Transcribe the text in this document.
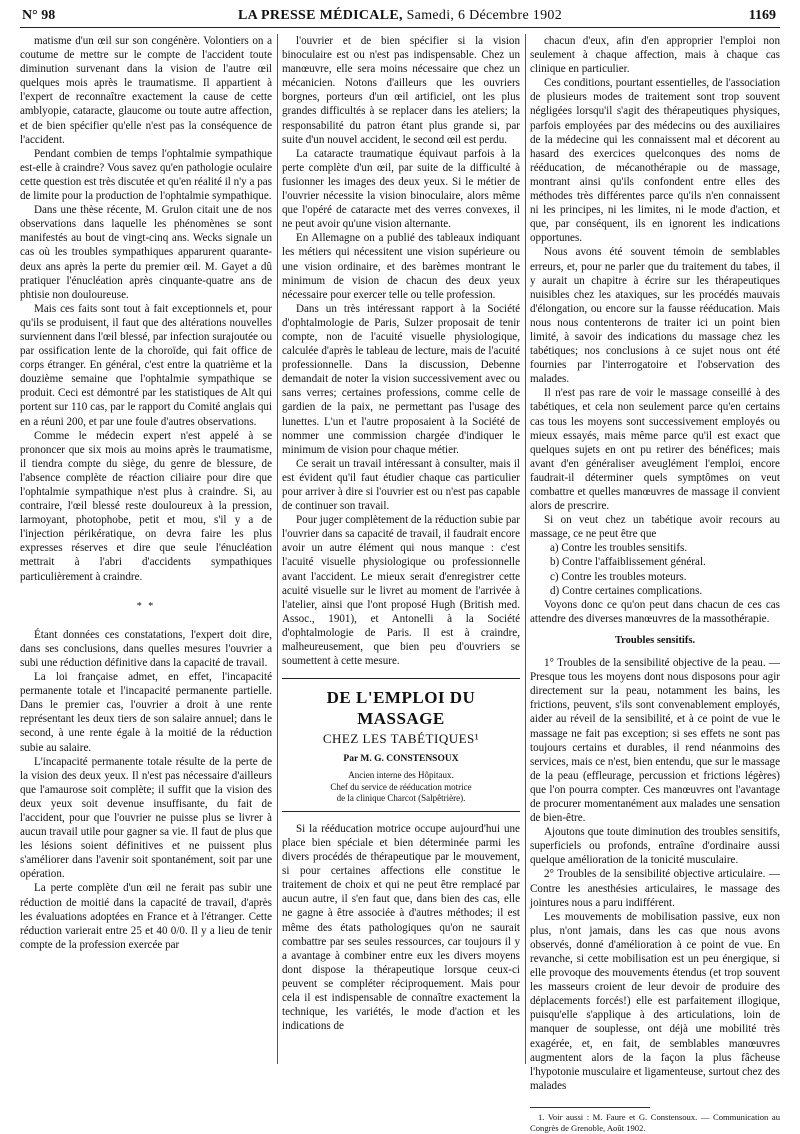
N° 98	LA PRESSE MÉDICALE, Samedi, 6 Décembre 1902	1169

matisme d'un œil sur son congénère. Volontiers on a coutume de mettre sur le compte de l'accident toute diminution survenant dans la vision de l'autre œil quelques mois après le traumatisme. Il appartient à l'expert de reconnaître exactement la cause de cette amblyopie, cataracte, glaucome ou toute autre affection, et de bien spécifier qu'elle n'est pas la conséquence de l'accident.

Pendant combien de temps l'ophtalmie sympathique est-elle à craindre? Vous savez qu'en pathologie oculaire cette question est très discutée et qu'en réalité il n'y a pas de limite pour la production de l'ophtalmie sympathique.

Dans une thèse récente, M. Grulon citait une de nos observations dans laquelle les phénomènes se sont manifestés au bout de vingt-cinq ans. Wecks signale un cas où les troubles sympathiques apparurent quarante-deux ans après la perte du premier œil. M. Gayet a dû pratiquer l'énucléation après cinquante-quatre ans de phtisie non douloureuse.

Mais ces faits sont tout à fait exceptionnels et, pour qu'ils se produisent, il faut que des altérations nouvelles surviennent dans l'œil blessé, par infection surajoutée ou par ossification lente de la choroïde, qui fait office de corps étranger. En général, c'est entre la quatrième et la douzième semaine que l'ophtalmie sympathique se produit. Ceci est démontré par les statistiques de Alt qui portent sur 110 cas, par le rapport du Comité anglais qui en a réuni 200, et par une foule d'autres observations.

Comme le médecin expert n'est appelé à se prononcer que six mois au moins après le traumatisme, il tiendra compte du siège, du genre de blessure, de l'absence complète de réaction ciliaire pour dire que l'ophtalmie sympathique n'est plus à craindre. Si, au contraire, l'œil blessé reste douloureux à la pression, larmoyant, photophobe, petit et mou, s'il y a de l'injection périkératique, on devra faire les plus expresses réserves et dire que seule l'énucléation mettrait à l'abri d'accidents sympathiques particulièrement à craindre.

* *

Étant données ces constatations, l'expert doit dire, dans ses conclusions, dans quelles mesures l'ouvrier a subi une réduction définitive dans la capacité de travail.

La loi française admet, en effet, l'incapacité permanente totale et l'incapacité permanente partielle. Dans le premier cas, l'ouvrier a droit à une rente représentant les deux tiers de son salaire annuel; dans le second, à une rente égale à la moitié de la réduction subie au salaire.

L'incapacité permanente totale résulte de la perte de la vision des deux yeux. Il n'est pas nécessaire d'ailleurs que l'amaurose soit complète; il suffit que la vision des deux yeux soit devenue insuffisante, du fait de l'accident, pour que l'ouvrier ne puisse plus se livrer à aucun travail utile pour gagner sa vie. Il faut de plus que les lésions soient définitives et ne puissent plus s'améliorer dans l'avenir soit spontanément, soit par une opération.

La perte complète d'un œil ne ferait pas subir une réduction de moitié dans la capacité de travail, d'après les évaluations adoptées en France et à l'étranger. Cette réduction varierait entre 25 et 40 0/0. Il y a lieu de tenir compte de la profession exercée par

l'ouvrier et de bien spécifier si la vision binoculaire est ou n'est pas indispensable. Chez un manœuvre, elle sera moins nécessaire que chez un mécanicien. Notons d'ailleurs que les ouvriers borgnes, porteurs d'un œil artificiel, ont les plus grandes difficultés à se replacer dans les ateliers; la responsabilité du patron étant plus grande si, par suite d'un nouvel accident, le second œil est perdu.

La cataracte traumatique équivaut parfois à la perte complète d'un œil, par suite de la difficulté à fusionner les images des deux yeux. Si le métier de l'ouvrier nécessite la vision binoculaire, alors même que l'opéré de cataracte met des verres convexes, il ne peut avoir qu'une vision alternante.

En Allemagne on a publié des tableaux indiquant les métiers qui nécessitent une vision supérieure ou une vision ordinaire, et des barèmes montrant le minimum de vision de chacun des deux yeux nécessaire pour exercer telle ou telle profession.

Dans un très intéressant rapport à la Société d'ophtalmologie de Paris, Sulzer proposait de tenir compte, non de l'acuité visuelle physiologique, calculée d'après le tableau de lecture, mais de l'acuité professionnelle. Dans la discussion, Debenne demandait de noter la vision successivement avec ou sans verres; certaines professions, comme celle de gardien de la paix, ne permettant pas l'usage des lunettes. L'un et l'autre proposaient à la Société de nommer une commission chargée d'indiquer le minimum de vision pour chaque métier.

Ce serait un travail intéressant à consulter, mais il est évident qu'il faut étudier chaque cas particulier pour arriver à dire si l'ouvrier est ou n'est pas capable de continuer son travail.

Pour juger complètement de la réduction subie par l'ouvrier dans sa capacité de travail, il faudrait encore avoir un autre élément qui nous manque : c'est l'acuité visuelle physiologique ou professionnelle avant l'accident. Le mieux serait d'enregistrer cette acuité visuelle sur le livret au moment de l'arrivée à l'atelier, ainsi que l'ont proposé Hugh (British med. Assoc., 1901), et Antonelli à la Société d'ophtalmologie de Paris. Il est à craindre, malheureusement, que bien peu d'ouvriers se soumettent à cette mesure.

DE L'EMPLOI DU MASSAGE
CHEZ LES TABÉTIQUES¹
Par M. G. CONSTENSOUX
Ancien interne des Hôpitaux.
Chef du service de rééducation motrice
de la clinique Charcot (Salpêtrière).

Si la rééducation motrice occupe aujourd'hui une place bien spéciale et bien déterminée parmi les divers procédés de thérapeutique par le mouvement, si pour certaines affections elle constitue le traitement de choix et qui ne peut être remplacé par aucun autre, il s'en faut que, dans bien des cas, elle ne gagne à être associée à d'autres méthodes; il est même des états pathologiques qu'on ne saurait combattre par ses seules ressources, car toujours il y a avantage à combiner entre eux les divers moyens dont dispose la thérapeutique lorsque ceux-ci peuvent se compléter réciproquement. Mais pour cela il est indispensable de connaître exactement la technique, les variétés, le mode d'action et les indications de

chacun d'eux, afin d'en approprier l'emploi non seulement à chaque affection, mais à chaque cas clinique en particulier.

Ces conditions, pourtant essentielles, de l'association de plusieurs modes de traitement sont trop souvent négligées lorsqu'il s'agit des thérapeutiques physiques, parfois employées par des médecins ou des auxiliaires de la médecine qui les connaissent mal et décorent au hasard des exercices quelconques des noms de rééducation, de mécanothérapie ou de massage, montrant ainsi qu'ils confondent entre elles des méthodes très différentes parce qu'ils n'en connaissent ni les principes, ni les limites, ni le mode d'action, et que, par conséquent, ils en ignorent les indications opportunes.

Nous avons été souvent témoin de semblables erreurs, et, pour ne parler que du traitement du tabes, il y aurait un chapitre à écrire sur les thérapeutiques nuisibles chez les ataxiques, sur les procédés mauvais d'élongation, ou encore sur la fausse rééducation. Mais nous nous contenterons de traiter ici un point bien limité, à savoir des indications du massage chez les tabétiques; nos conclusions à ce sujet nous ont été fournies par l'interrogatoire et l'observation des malades.

Il n'est pas rare de voir le massage conseillé à des tabétiques, et cela non seulement parce qu'en certains cas tous les moyens sont successivement employés ou mieux essayés, mais même parce qu'il est exact que quelques sujets en ont pu retirer des bénéfices; mais avant d'en généraliser aveuglément l'emploi, encore faudrait-il déterminer quels symptômes on veut combattre et quelles manœuvres de massage il convient alors de prescrire.

Si on veut chez un tabétique avoir recours au massage, ce ne peut être que

a) Contre les troubles sensitifs.

b) Contre l'affaiblissement général.

c) Contre les troubles moteurs.

d) Contre certaines complications.

Voyons donc ce qu'on peut dans chacun de ces cas attendre des diverses manœuvres de la massothérapie.

Troubles sensitifs.

1° Troubles de la sensibilité objective de la peau. — Presque tous les moyens dont nous disposons pour agir directement sur la peau, notamment les bains, les frictions, peuvent, s'ils sont convenablement employés, aider au réveil de la sensibilité, et à ce point de vue le massage ne fait pas exception; si ses effets ne sont pas toujours certains et durables, il rend néanmoins des services, mais ce n'est, bien entendu, que sur le massage de la peau (effleurage, percussion et frictions légères) que l'on pourra compter. Ces manœuvres ont l'avantage de procurer momentanément aux malades une sensation de bien-être.

Ajoutons que toute diminution des troubles sensitifs, superficiels ou profonds, entraîne d'ordinaire aussi quelque amélioration de la tonicité musculaire.

2° Troubles de la sensibilité objective articulaire. — Contre les anesthésies articulaires, le massage des jointures nous a paru indifférent.

Les mouvements de mobilisation passive, eux non plus, n'ont jamais, dans les cas que nous avons observés, donné d'amélioration à ce point de vue. En revanche, si cette mobilisation est un peu énergique, si elle provoque des mouvements étendus (et trop souvent les masseurs croient de leur devoir de produire des déplacements forcés!) elle est parfaitement illogique, puisqu'elle s'applique à des articulations, loin de manquer de souplesse, ont déjà une mobilité très exagérée, et, en fait, de semblables manœuvres augmentent alors de la façon la plus fâcheuse l'hypotonie musculaire et ligamenteuse, surtout chez des malades

1. Voir aussi : M. Faure et G. Constensoux. — Communication au Congrès de Grenoble, Août 1902.
